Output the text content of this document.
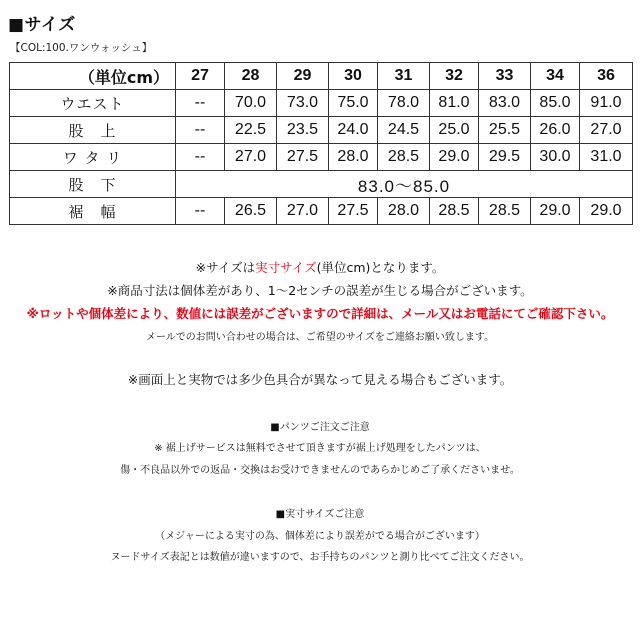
■サイズ
【COL:100.ワンウォッシュ】
（単位cm）	27	28	29	30	31	32	33	34	36
ウエスト	--	70.0	73.0	75.0	78.0	81.0	83.0	85.0	91.0
股　上	--	22.5	23.5	24.0	24.5	25.0	25.5	26.0	27.0
ワ タ リ	--	27.0	27.5	28.0	28.5	29.0	29.5	30.0	31.0
股　下	83.0〜85.0								
裾　幅	--	26.5	27.0	27.5	28.0	28.5	28.5	29.0	29.0
※サイズは実寸サイズ(単位cm)となります。
※商品寸法は個体差があり、1〜2センチの誤差が生じる場合がございます。
※ロットや個体差により、数値には誤差がございますので詳細は、メール又はお電話にてご確認下さい。
メールでのお問い合わせの場合は、ご希望のサイズをご連絡お願い致します。
※画面上と実物では多少色具合が異なって見える場合もございます。
■パンツご注文ご注意
※ 裾上げサービスは無料でさせて頂きますが裾上げ処理をしたパンツは、
傷・不良品以外での返品・交換はお受けできませんのであらかじめご了承くださいませ。
■実寸サイズご注意
（メジャーによる実寸の為、個体差により誤差がでる場合がございます）
ヌードサイズ表記とは数値が違いますので、お手持ちのパンツと測り比べてご注文ください。
